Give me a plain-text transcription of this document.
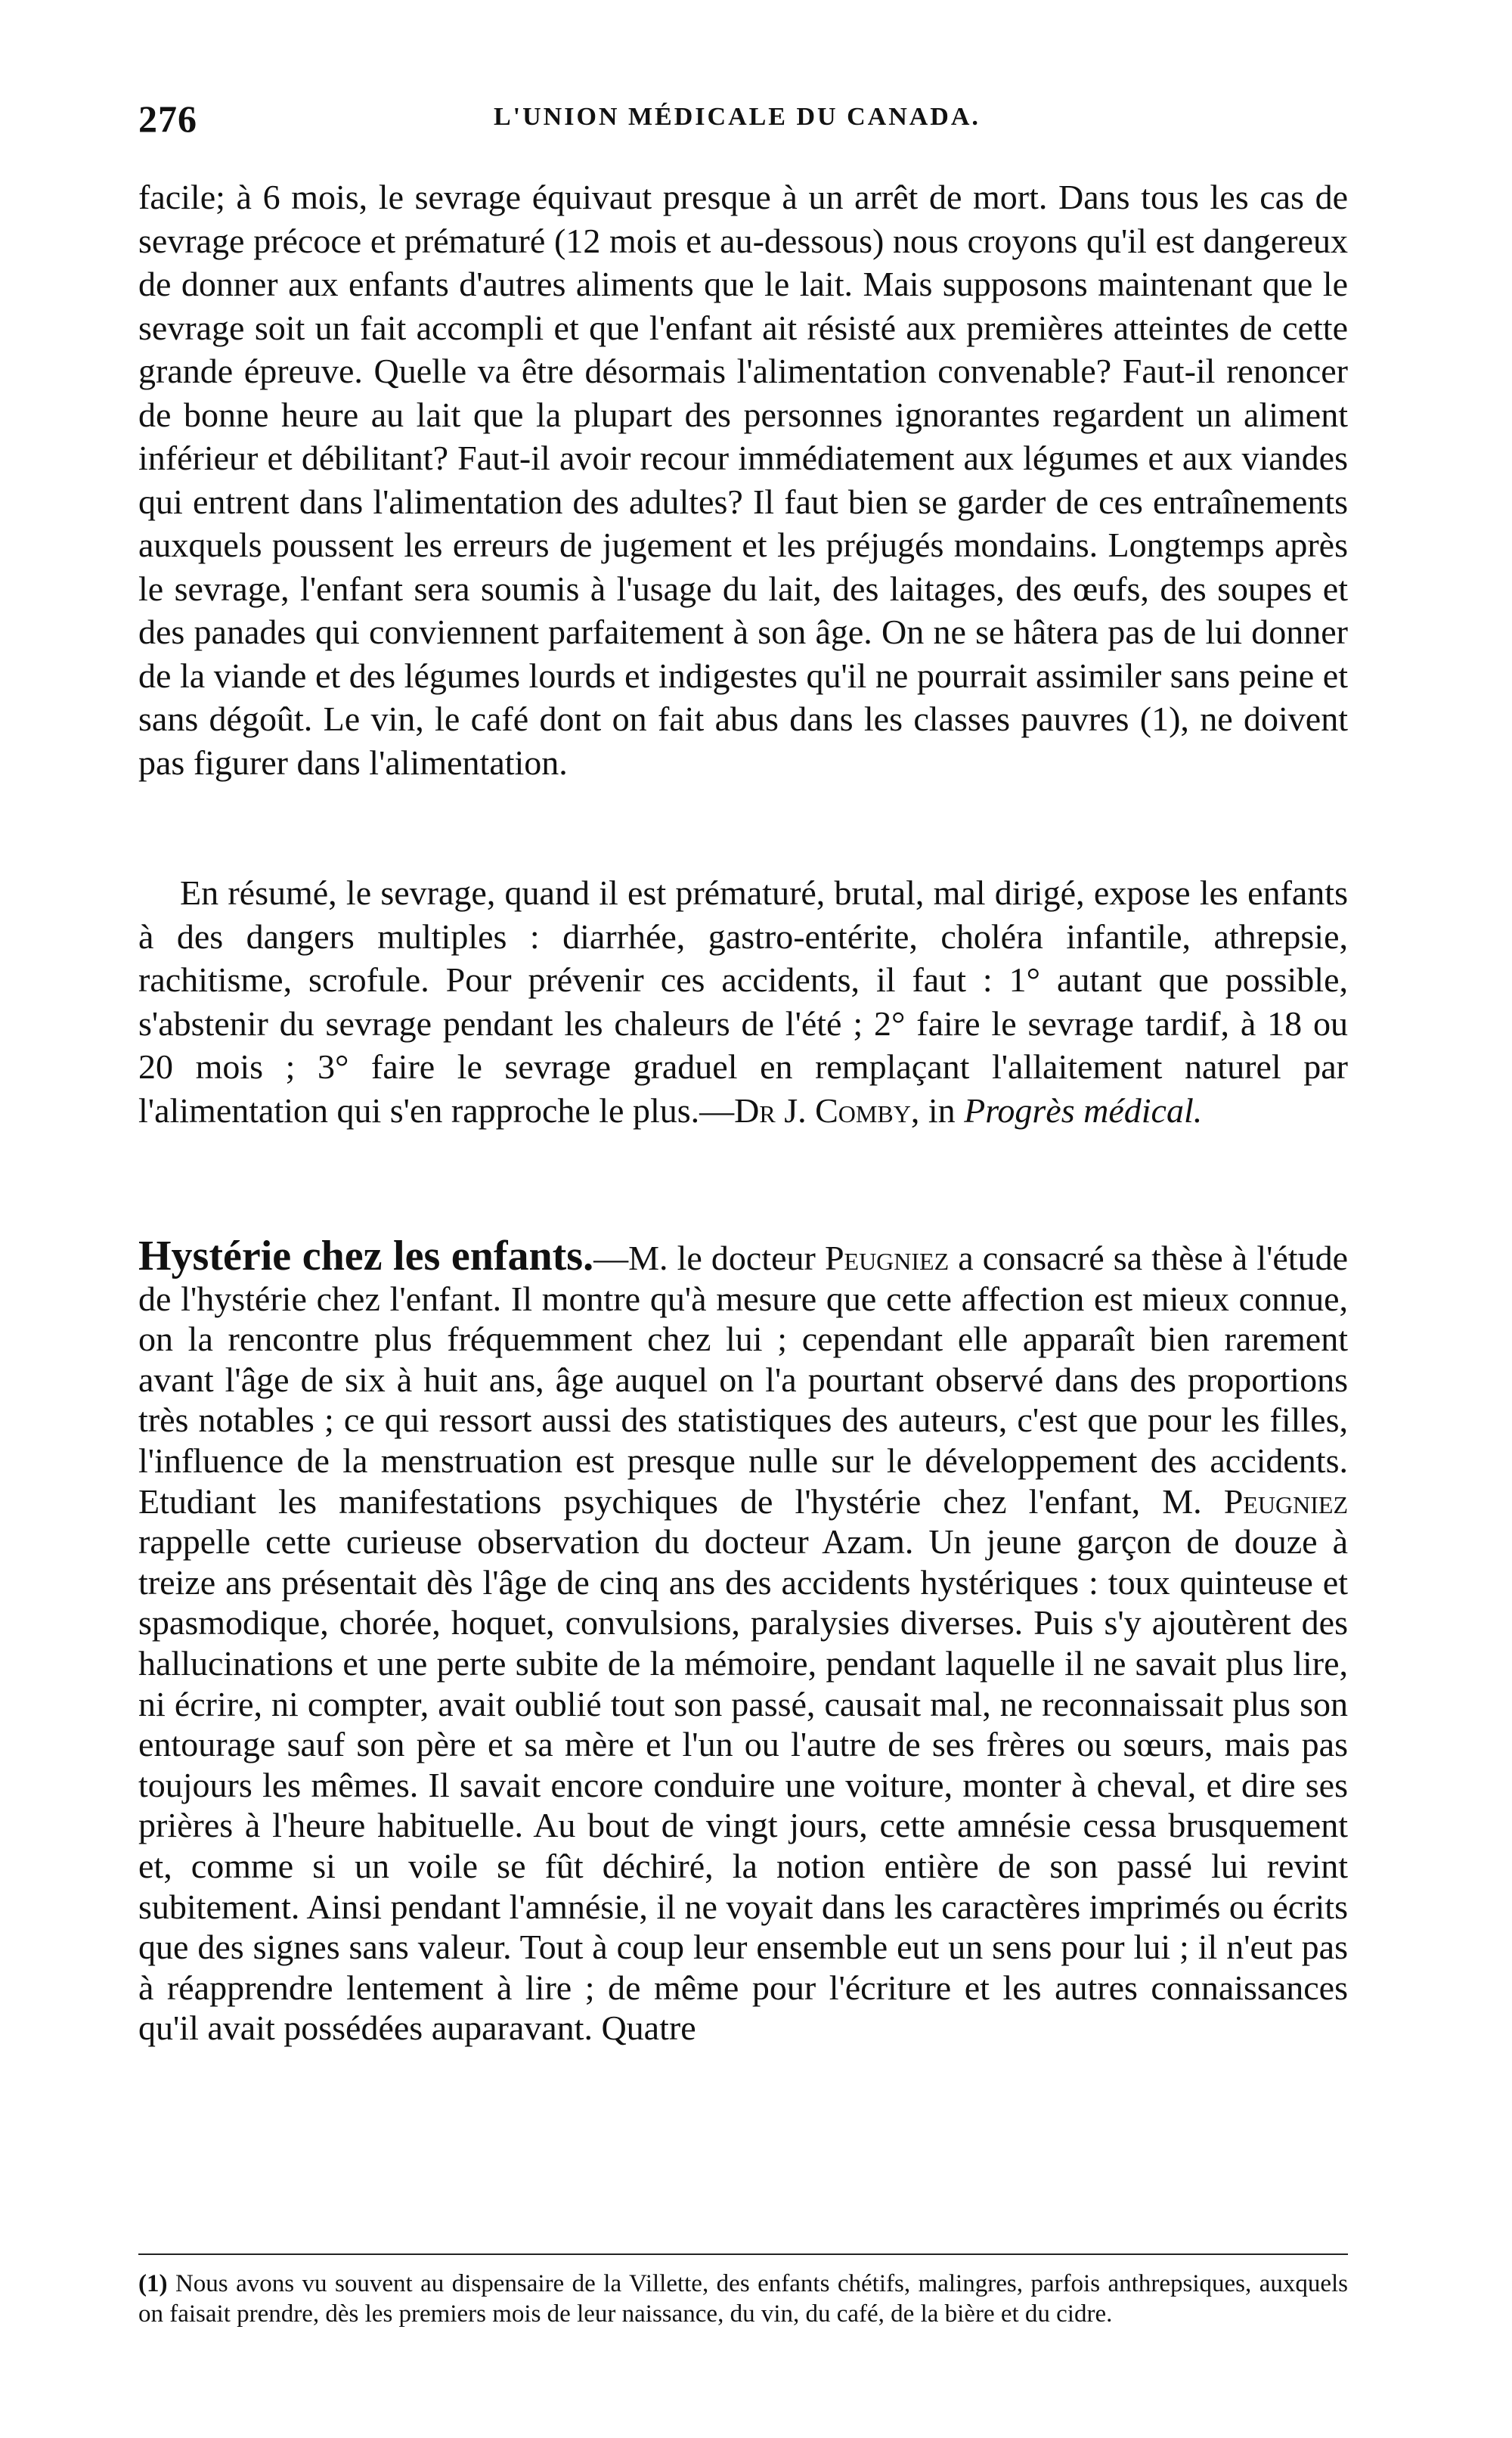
276	L'UNION MÉDICALE DU CANADA.

facile; à 6 mois, le sevrage équivaut presque à un arrêt de mort. Dans tous les cas de sevrage précoce et prématuré (12 mois et au-dessous) nous croyons qu'il est dangereux de donner aux enfants d'autres aliments que le lait. Mais supposons maintenant que le sevrage soit un fait accompli et que l'enfant ait résisté aux premières atteintes de cette grande épreuve. Quelle va être désormais l'alimentation convenable? Faut-il renoncer de bonne heure au lait que la plupart des personnes ignorantes regardent un aliment inférieur et débilitant? Faut-il avoir recour immédiatement aux légumes et aux viandes qui entrent dans l'alimentation des adultes? Il faut bien se garder de ces entraînements auxquels poussent les erreurs de jugement et les préjugés mondains. Longtemps après le sevrage, l'enfant sera soumis à l'usage du lait, des laitages, des œufs, des soupes et des panades qui conviennent parfaitement à son âge. On ne se hâtera pas de lui donner de la viande et des légumes lourds et indigestes qu'il ne pourrait assimiler sans peine et sans dégoût. Le vin, le café dont on fait abus dans les classes pauvres (1), ne doivent pas figurer dans l'alimentation.

En résumé, le sevrage, quand il est prématuré, brutal, mal dirigé, expose les enfants à des dangers multiples : diarrhée, gastro-entérite, choléra infantile, athrepsie, rachitisme, scrofule. Pour prévenir ces accidents, il faut : 1° autant que possible, s'abstenir du sevrage pendant les chaleurs de l'été ; 2° faire le sevrage tardif, à 18 ou 20 mois ; 3° faire le sevrage graduel en remplaçant l'allaitement naturel par l'alimentation qui s'en rapproche le plus.—Dr J. Comby, in Progrès médical.

Hystérie chez les enfants.—M. le docteur Peugniez a consacré sa thèse à l'étude de l'hystérie chez l'enfant. Il montre qu'à mesure que cette affection est mieux connue, on la rencontre plus fréquemment chez lui ; cependant elle apparaît bien rarement avant l'âge de six à huit ans, âge auquel on l'a pourtant observé dans des proportions très notables ; ce qui ressort aussi des statistiques des auteurs, c'est que pour les filles, l'influence de la menstruation est presque nulle sur le développement des accidents. Etudiant les manifestations psychiques de l'hystérie chez l'enfant, M. Peugniez rappelle cette curieuse observation du docteur Azam. Un jeune garçon de douze à treize ans présentait dès l'âge de cinq ans des accidents hystériques : toux quinteuse et spasmodique, chorée, hoquet, convulsions, paralysies diverses. Puis s'y ajoutèrent des hallucinations et une perte subite de la mémoire, pendant laquelle il ne savait plus lire, ni écrire, ni compter, avait oublié tout son passé, causait mal, ne reconnaissait plus son entourage sauf son père et sa mère et l'un ou l'autre de ses frères ou sœurs, mais pas toujours les mêmes. Il savait encore conduire une voiture, monter à cheval, et dire ses prières à l'heure habituelle. Au bout de vingt jours, cette amnésie cessa brusquement et, comme si un voile se fût déchiré, la notion entière de son passé lui revint subitement. Ainsi pendant l'amnésie, il ne voyait dans les caractères imprimés ou écrits que des signes sans valeur. Tout à coup leur ensemble eut un sens pour lui ; il n'eut pas à réapprendre lentement à lire ; de même pour l'écriture et les autres connaissances qu'il avait possédées auparavant. Quatre

(1) Nous avons vu souvent au dispensaire de la Villette, des enfants chétifs, malingres, parfois anthrepsiques, auxquels on faisait prendre, dès les premiers mois de leur naissance, du vin, du café, de la bière et du cidre.
